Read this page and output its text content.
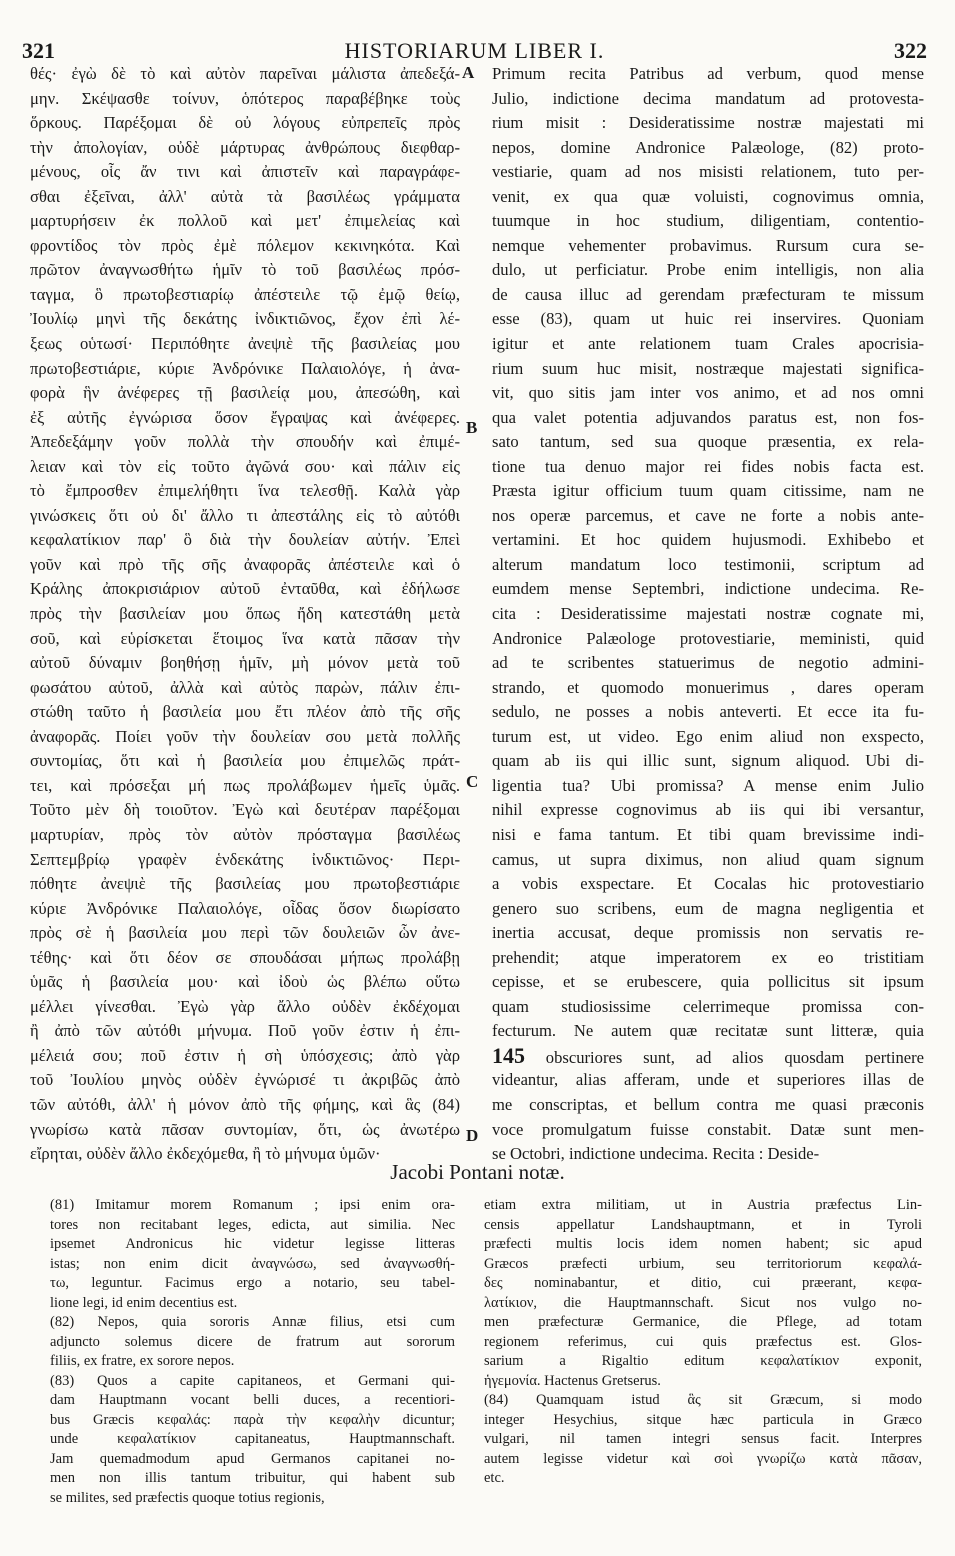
321	HISTORIARUM LIBER I.	322
θές· ἐγὼ δὲ τὸ καὶ αὐτὸν παρεῖναι μάλιστα ἀπεδεξά-
μην. Σκέψασθε τοίνυν, ὁπότερος παραβέβηκε τοὺς
ὅρκους. Παρέξομαι δὲ οὐ λόγους εὐπρεπεῖς πρὸς
τὴν ἀπολογίαν, οὐδὲ μάρτυρας ἀνθρώπους διεφθαρ-
μένους, οἷς ἄν τινι καὶ ἀπιστεῖν καὶ παραγράφε-
σθαι ἐξεῖναι, ἀλλ' αὐτὰ τὰ βασιλέως γράμματα
μαρτυρήσειν ἐκ πολλοῦ καὶ μετ' ἐπιμελείας καὶ
φροντίδος τὸν πρὸς ἐμὲ πόλεμον κεκινηκότα. Καὶ
πρῶτον ἀναγνωσθήτω ἡμῖν τὸ τοῦ βασιλέως πρόσ-
ταγμα, ὃ πρωτοβεστιαρίῳ ἀπέστειλε τῷ ἐμῷ θείῳ,
Ἰουλίῳ μηνὶ τῆς δεκάτης ἰνδικτιῶνος, ἔχον ἐπὶ λέ-
ξεως οὑτωσί· Περιπόθητε ἀνεψιὲ τῆς βασιλείας μου
πρωτοβεστιάριε, κύριε Ἀνδρόνικε Παλαιολόγε, ἡ ἀνα-
φορὰ ἣν ἀνέφερες τῇ βασιλείᾳ μου, ἀπεσώθη, καὶ
ἐξ αὐτῆς ἐγνώρισα ὅσον ἔγραψας καὶ ἀνέφερες.
Ἀπεδεξάμην γοῦν πολλὰ τὴν σπουδήν καὶ ἐπιμέ-
λειαν καὶ τὸν εἰς τοῦτο ἀγῶνά σου· καὶ πάλιν εἰς
τὸ ἔμπροσθεν ἐπιμελήθητι ἵνα τελεσθῇ. Καλὰ γὰρ
γινώσκεις ὅτι οὐ δι' ἄλλο τι ἀπεστάλης εἰς τὸ αὐτόθι
κεφαλατίκιον παρ' ὃ διὰ τὴν δουλείαν αὐτήν. Ἐπεὶ
γοῦν καὶ πρὸ τῆς σῆς ἀναφορᾶς ἀπέστειλε καὶ ὁ
Κράλης ἀποκρισιάριον αὐτοῦ ἐνταῦθα, καὶ ἐδήλωσε
πρὸς τὴν βασιλείαν μου ὅπως ἤδη κατεστάθη μετὰ
σοῦ, καὶ εὑρίσκεται ἕτοιμος ἵνα κατὰ πᾶσαν τὴν
αὐτοῦ δύναμιν βοηθήσῃ ἡμῖν, μὴ μόνον μετὰ τοῦ
φωσάτου αὐτοῦ, ἀλλὰ καὶ αὐτὸς παρὼν, πάλιν ἐπι-
στώθη ταῦτο ἡ βασιλεία μου ἔτι πλέον ἀπὸ τῆς σῆς
ἀναφορᾶς. Ποίει γοῦν τὴν δουλείαν σου μετὰ πολλῆς
συντομίας, ὅτι καὶ ἡ βασιλεία μου ἐπιμελῶς πράτ-
τει, καὶ πρόσεξαι μή πως προλάβωμεν ἡμεῖς ὑμᾶς.
Τοῦτο μὲν δὴ τοιοῦτον. Ἐγὼ καὶ δευτέραν παρέξομαι
μαρτυρίαν, πρὸς τὸν αὐτὸν πρόσταγμα βασιλέως
Σεπτεμβρίῳ γραφὲν ἑνδεκάτης ἰνδικτιῶνος· Περι-
πόθητε ἀνεψιὲ τῆς βασιλείας μου πρωτοβεστιάριε
κύριε Ἀνδρόνικε Παλαιολόγε, οἶδας ὅσον διωρίσατο
πρὸς σὲ ἡ βασιλεία μου περὶ τῶν δουλειῶν ὧν ἀνε-
τέθης· καὶ ὅτι δέον σε σπουδάσαι μήπως προλάβῃ
ὑμᾶς ἡ βασιλεία μου· καὶ ἰδοὺ ὡς βλέπω οὕτω
μέλλει γίνεσθαι. Ἐγὼ γὰρ ἄλλο οὐδὲν ἐκδέχομαι
ἢ ἀπὸ τῶν αὐτόθι μήνυμα. Ποῦ γοῦν ἐστιν ἡ ἐπι-
μέλειά σου; ποῦ ἐστιν ἡ σὴ ὑπόσχεσις; ἀπὸ γὰρ
τοῦ Ἰουλίου μηνὸς οὐδὲν ἐγνώρισέ τι ἀκριβῶς ἀπὸ
τῶν αὐτόθι, ἀλλ' ἡ μόνον ἀπὸ τῆς φήμης, καὶ ἃς (84)
γνωρίσω κατὰ πᾶσαν συντομίαν, ὅτι, ὡς ἀνωτέρω
εἴρηται, οὐδὲν ἄλλο ἐκδεχόμεθα, ἢ τὸ μήνυμα ὑμῶν·
Primum recita Patribus ad verbum, quod mense
Julio, indictione decima mandatum ad protovesta-
rium misit : Desideratissime nostræ majestati mi
nepos, domine Andronice Palæologe, (82) proto-
vestiarie, quam ad nos misisti relationem, tuto per-
venit, ex qua quæ voluisti, cognovimus omnia,
tuumque in hoc studium, diligentiam, contentio-
nemque vehementer probavimus. Rursum cura se-
dulo, ut perficiatur. Probe enim intelligis, non alia
de causa illuc ad gerendam præfecturam te missum
esse (83), quam ut huic rei inservires. Quoniam
igitur et ante relationem tuam Crales apocrisia-
rium suum huc misit, nostræque majestati significa-
vit, quo sitis jam inter vos animo, et ad nos omni
qua valet potentia adjuvandos paratus est, non fos-
sato tantum, sed sua quoque præsentia, ex rela-
tione tua denuo major rei fides nobis facta est.
Præsta igitur officium tuum quam citissime, nam ne
nos operæ parcemus, et cave ne forte a nobis ante-
vertamini. Et hoc quidem hujusmodi. Exhibebo et
alterum mandatum loco testimonii, scriptum ad
eumdem mense Septembri, indictione undecima. Re-
cita : Desideratissime majestati nostræ cognate mi,
Andronice Palæologe protovestiarie, meministi, quid
ad te scribentes statuerimus de negotio admini-
strando, et quomodo monuerimus , dares operam
sedulo, ne posses a nobis anteverti. Et ecce ita fu-
turum est, ut video. Ego enim aliud non exspecto,
quam ab iis qui illic sunt, signum aliquod. Ubi di-
ligentia tua? Ubi promissa? A mense enim Julio
nihil expresse cognovimus ab iis qui ibi versantur,
nisi e fama tantum. Et tibi quam brevissime indi-
camus, ut supra diximus, non aliud quam signum
a vobis exspectare. Et Cocalas hic protovestiario
genero suo scribens, eum de magna negligentia et
inertia accusat, deque promissis non servatis re-
prehendit; atque imperatorem ex eo tristitiam
cepisse, et se erubescere, quia pollicitus sit ipsum
quam studiosissime celerrimeque promissa con-
fecturum. Ne autem quæ recitatæ sunt litteræ, quia
145 obscuriores sunt, ad alios quosdam pertinere
videantur, alias afferam, unde et superiores illas de
me conscriptas, et bellum contra me quasi præconis
voce promulgatum fuisse constabit. Datæ sunt men-
se Octobri, indictione undecima. Recita : Deside-
A
B
C
D
Jacobi Pontani notæ.
(81) Imitamur morem Romanum ; ipsi enim ora-
tores non recitabant leges, edicta, aut similia. Nec
ipsemet Andronicus hic videtur legisse litteras
istas; non enim dicit ἀναγνώσω, sed ἀναγνωσθή-
τω, leguntur. Facimus ergo a notario, seu tabel-
lione legi, id enim decentius est.
(82) Nepos, quia sororis Annæ filius, etsi cum
adjuncto solemus dicere de fratrum aut sororum
filiis, ex fratre, ex sorore nepos.
(83) Quos a capite capitaneos, et Germani qui-
dam Hauptmann vocant belli duces, a recentiori-
bus Græcis κεφαλάς: παρὰ τὴν κεφαλὴν dicuntur;
unde κεφαλατίκιον capitaneatus, Hauptmannschaft.
Jam quemadmodum apud Germanos capitanei no-
men non illis tantum tribuitur, qui habent sub
se milites, sed præfectis quoque totius regionis,
etiam extra militiam, ut in Austria præfectus Lin-
censis appellatur Landshauptmann, et in Tyroli
præfecti multis locis idem nomen habent; sic apud
Græcos præfecti urbium, seu territoriorum κεφαλά-
δες nominabantur, et ditio, cui præerant, κεφα-
λατίκιον, die Hauptmannschaft. Sicut nos vulgo no-
men præfecturæ Germanice, die Pflege, ad totam
regionem referimus, cui quis præfectus est. Glos-
sarium a Rigaltio editum κεφαλατίκιον exponit,
ἡγεμονία. Hactenus Gretserus.
(84) Quamquam istud ἃς sit Græcum, si modo
integer Hesychius, sitque hæc particula in Græco
vulgari, nil tamen integri sensus facit. Interpres
autem legisse videtur καὶ σοὶ γνωρίζω κατὰ πᾶσαν,
etc.
